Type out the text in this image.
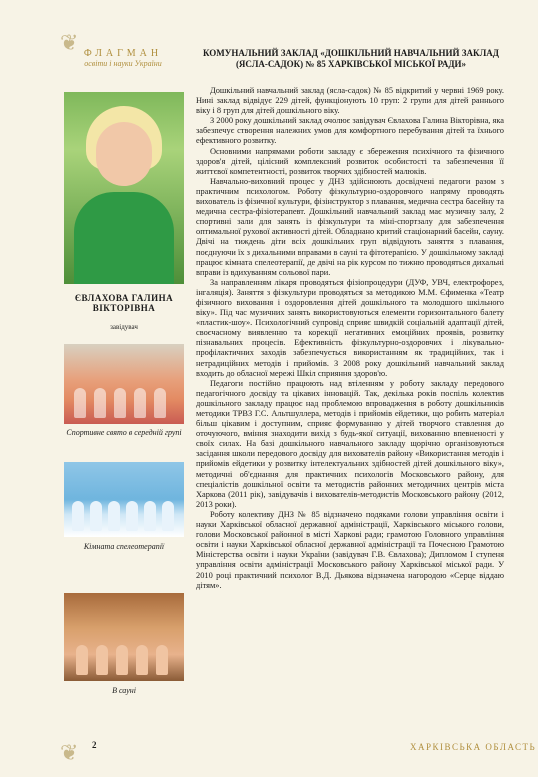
❦ ФЛАГМАН
освіти і науки України
ЄВЛАХОВА ГАЛИНА ВІКТОРІВНА
завідувач
Спортивне свято в середній групі
Кімната спелеотерапії
В сауні
КОМУНАЛЬНИЙ ЗАКЛАД «ДОШКІЛЬНИЙ НАВЧАЛЬНИЙ ЗАКЛАД (ЯСЛА-САДОК) № 85 ХАРКІВСЬКОЇ МІСЬКОЇ РАДИ»

Дошкільний навчальний заклад (ясла-садок) № 85 відкритий у червні 1969 року. Нині заклад відвідує 229 дітей, функціонують 10 груп: 2 групи для дітей раннього віку і 8 груп для дітей дошкільного віку.

З 2000 року дошкільний заклад очолює завідувач Євлахова Галина Вікторівна, яка забезпечує створення належних умов для комфортного перебування дітей та їхнього ефективного розвитку.

Основними напрямами роботи закладу є збереження психічного та фізичного здоров'я дітей, цілісний комплексний розвиток особистості та забезпечення її життєвої компетентності, розвиток творчих здібностей малюків.

Навчально-виховний процес у ДНЗ здійснюють досвідчені педагоги разом з практичним психологом. Роботу фізкультурно-оздоровчого напряму проводять вихователь із фізичної культури, фізінструктор з плавання, медична сестра басейну та медична сестра-фізіотерапевт. Дошкільний навчальний заклад має музичну залу, 2 спортивні зали для занять із фізкультури та міні-спортзалу для забезпечення оптимальної рухової активності дітей. Обладнано критий стаціонарний басейн, сауну. Двічі на тиждень діти всіх дошкільних груп відвідують заняття з плавання, поєднуючи їх з дихальними вправами в сауні та фітотерапією. У дошкільному закладі працює кімната спелеотерапії, де двічі на рік курсом по тижню проводяться дихальні вправи із вдихуванням сольової пари.

За направленням лікаря проводяться фізіопроцедури (ДУФ, УВЧ, електрофорез, інгаляція). Заняття з фізкультури проводяться за методикою М.М. Єфименка «Театр фізичного виховання і оздоровлення дітей дошкільного та молодшого шкільного віку». Під час музичних занять використовуються елементи горизонтального балету «пластик-шоу». Психологічний супровід сприяє швидкій соціальній адаптації дітей, своєчасному виявленню та корекції негативних емоційних проявів, розвитку пізнавальних процесів. Ефективність фізкультурно-оздоровчих і лікувально-профілактичних заходів забезпечується використанням як традиційних, так і нетрадиційних методів і прийомів. З 2008 року дошкільний навчальний заклад входить до обласної мережі Шкіл сприяння здоров'ю.

Педагоги постійно працюють над втіленням у роботу закладу передового педагогічного досвіду та цікавих інновацій. Так, декілька років поспіль колектив дошкільного закладу працює над проблемою впровадження в роботу дошкільників методики ТРВЗ Г.С. Альтшуллера, методів і прийомів ейдетики, що робить матеріал більш цікавим і доступним, сприяє формуванню у дітей творчого ставлення до оточуючого, вміння знаходити вихід з будь-якої ситуації, вихованню впевненості у своїх силах. На базі дошкільного навчального закладу щорічно організовуються засідання школи передового досвіду для вихователів району «Використання методів і прийомів ейдетики у розвитку інтелектуальних здібностей дітей дошкільного віку», методичні об'єднання для практичних психологів Московського району, для спеціалістів дошкільної освіти та методистів районних методичних центрів міста Харкова (2011 рік), завідувачів і вихователів-методистів Московського району (2012, 2013 роки).

Роботу колективу ДНЗ № 85 відзначено подяками голови управління освіти і науки Харківської обласної державної адміністрації, Харківського міського голови, голови Московської районної в місті Харкові ради; грамотою Головного управління освіти і науки Харківської обласної державної адміністрації та Почесною Грамотою Міністерства освіти і науки України (завідувач Г.В. Євлахова); Дипломом I ступеня управління освіти адміністрації Московського району Харківської міської ради. У 2010 році практичний психолог В.Д. Дьякова відзначена нагородою «Серце віддаю дітям».

❦ 2	ХАРКІВСЬКА ОБЛАСТЬ
